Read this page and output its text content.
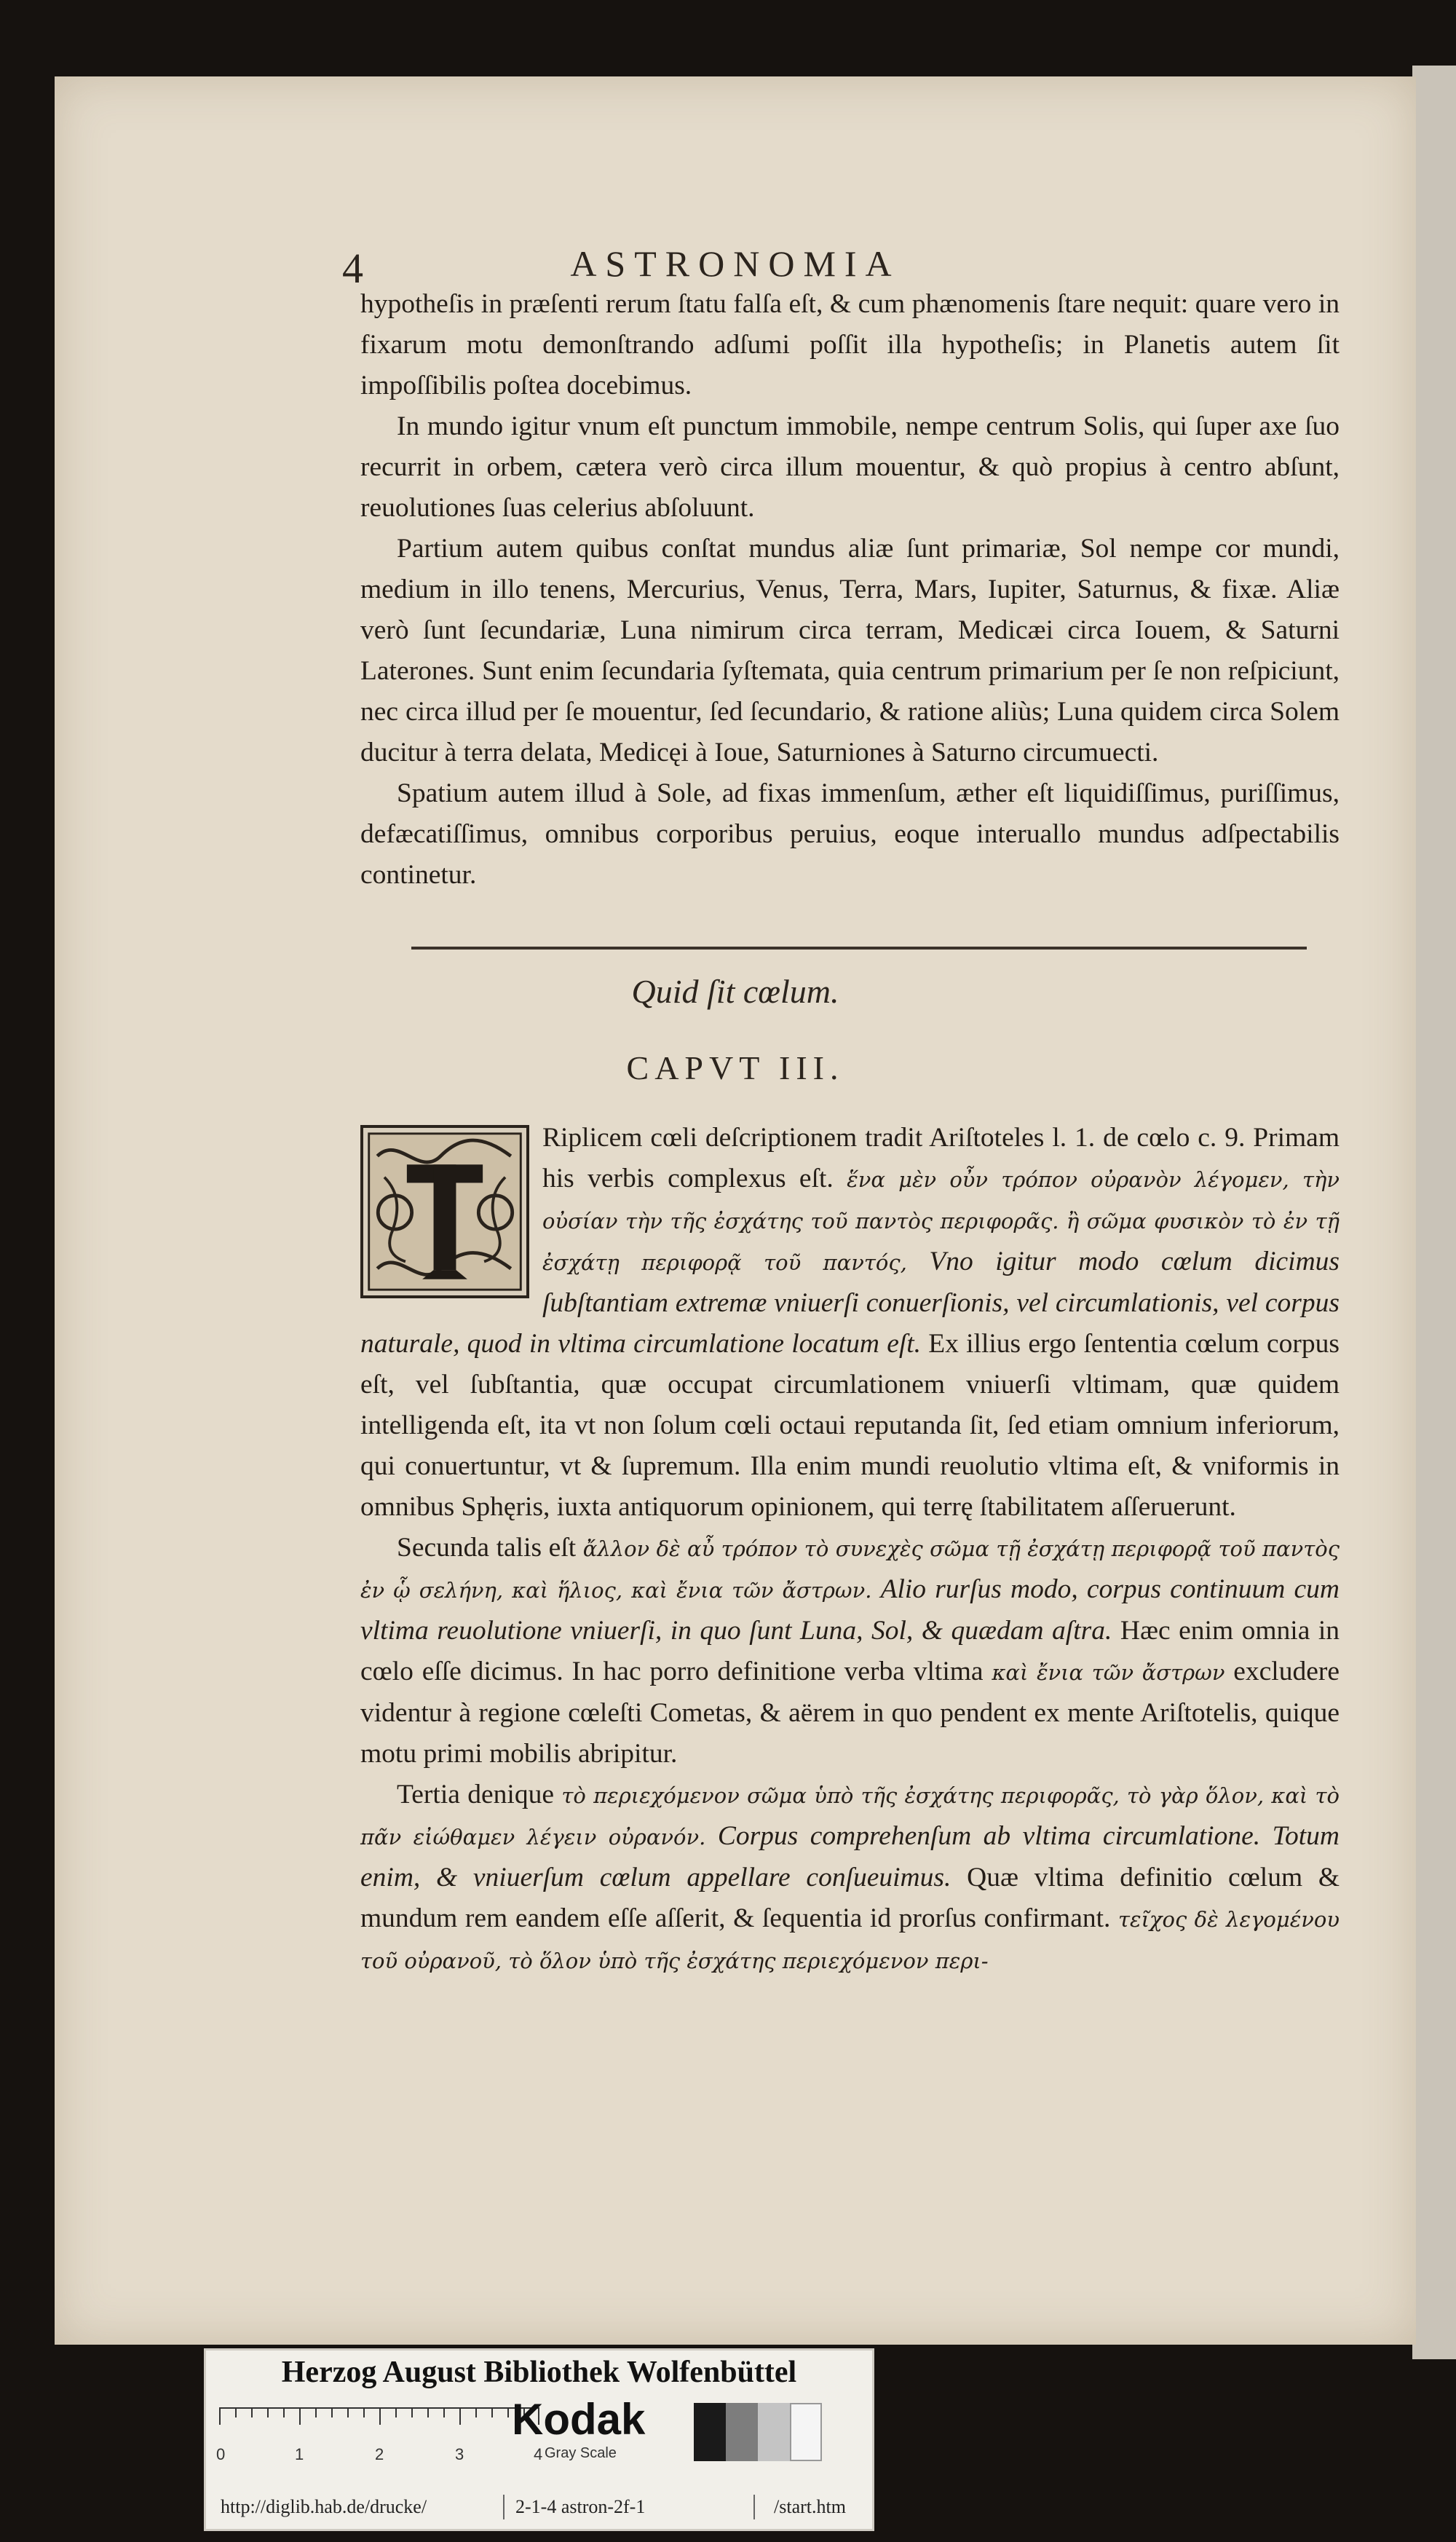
4	ASTRONOMIA

hypotheſis in præſenti rerum ſtatu falſa eſt, & cum phænomenis ſtare nequit: quare vero in fixarum motu demonſtrando adſumi poſſit illa hypotheſis; in Planetis autem ſit impoſſibilis poſtea docebimus.

In mundo igitur vnum eſt punctum immobile, nempe centrum Solis, qui ſuper axe ſuo recurrit in orbem, cætera verò circa illum mouentur, & quò propius à centro abſunt, reuolutiones ſuas celerius abſoluunt.

Partium autem quibus conſtat mundus aliæ ſunt primariæ, Sol nempe cor mundi, medium in illo tenens, Mercurius, Venus, Terra, Mars, Iupiter, Saturnus, & fixæ. Aliæ verò ſunt ſecundariæ, Luna nimirum circa terram, Medicæi circa Iouem, & Saturni Laterones. Sunt enim ſecundaria ſyſtemata, quia centrum primarium per ſe non reſpiciunt, nec circa illud per ſe mouentur, ſed ſecundario, & ratione aliùs; Luna quidem circa Solem ducitur à terra delata, Medicęi à Ioue, Saturniones à Saturno circumuecti.

Spatium autem illud à Sole, ad fixas immenſum, æther eſt liquidiſſimus, puriſſimus, defæcatiſſimus, omnibus corporibus peruius, eoque interuallo mundus adſpectabilis continetur.

Quid ſit cœlum.
CAPVT III.

Riplicem cœli deſcriptionem tradit Ariſtoteles l. 1. de cœlo c. 9. Primam his verbis complexus eſt. ἕνα μὲν οὖν τρόπον οὐρανὸν λέγομεν, τὴν οὐσίαν τὴν τῆς ἐσχάτης τοῦ παντὸς περιφορᾶς. ἢ σῶμα φυσικὸν τὸ ἐν τῇ ἐσχάτῃ περιφορᾷ τοῦ παντός, Vno igitur modo cœlum dicimus ſubſtantiam extremæ vniuerſi conuerſionis, vel circumlationis, vel corpus naturale, quod in vltima circumlatione locatum eſt. Ex illius ergo ſententia cœlum corpus eſt, vel ſubſtantia, quæ occupat circumlationem vniuerſi vltimam, quæ quidem intelligenda eſt, ita vt non ſolum cœli octaui reputanda ſit, ſed etiam omnium inferiorum, qui conuertuntur, vt & ſupremum. Illa enim mundi reuolutio vltima eſt, & vniformis in omnibus Sphęris, iuxta antiquorum opinionem, qui terrę ſtabilitatem aſſeruerunt.

Secunda talis eſt ἄλλον δὲ αὖ τρόπον τὸ συνεχὲς σῶμα τῇ ἐσχάτῃ περιφορᾷ τοῦ παντὸς ἐν ᾧ σελήνη, καὶ ἥλιος, καὶ ἔνια τῶν ἄστρων. Alio rurſus modo, corpus continuum cum vltima reuolutione vniuerſi, in quo ſunt Luna, Sol, & quædam aſtra. Hæc enim omnia in cœlo eſſe dicimus. In hac porro definitione verba vltima καὶ ἔνια τῶν ἄστρων excludere videntur à regione cœleſti Cometas, & aërem in quo pendent ex mente Ariſtotelis, quique motu primi mobilis abripitur.

Tertia denique τὸ περιεχόμενον σῶμα ὑπὸ τῆς ἐσχάτης περιφορᾶς, τὸ γὰρ ὅλον, καὶ τὸ πᾶν εἰώθαμεν λέγειν οὐρανόν. Corpus comprehenſum ab vltima circumlatione. Totum enim, & vniuerſum cœlum appellare conſueuimus. Quæ vltima definitio cœlum & mundum rem eandem eſſe aſſerit, & ſequentia id prorſus confirmant. τεῖχος δὲ λεγομένου τοῦ οὐρανοῦ, τὸ ὅλον ὑπὸ τῆς ἐσχάτης περιεχόμενον περι-

Herzog August Bibliothek Wolfenbüttel
0	1	2	3	4
Kodak
Gray Scale
http://diglib.hab.de/drucke/	2-1-4 astron-2f-1	/start.htm
